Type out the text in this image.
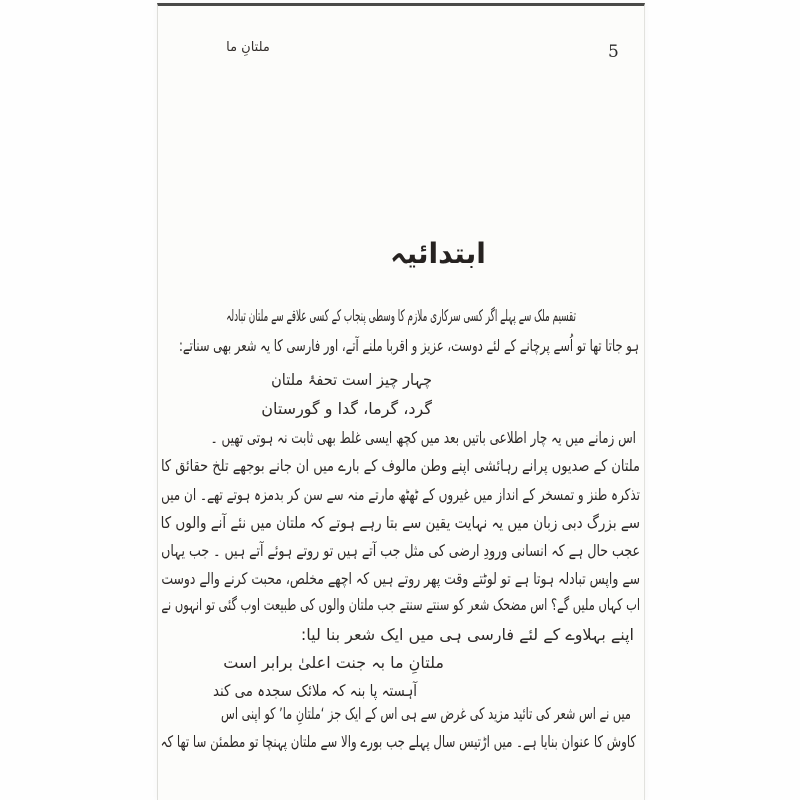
ملتانِ ما	5
ابتدائیہ
تقسیم ملک سے پہلے اگر کسی سرکاری ملازم کا وسطی پنجاب کے کسی علاقے سے ملتان تبادلہ
ہو جاتا تھا تو اُسے پرچانے کے لئے دوست، عزیز و اقربا ملنے آتے، اور فارسی کا یہ شعر بھی سناتے:
چہار چیز است تحفۂ ملتان
گرد، گرما، گدا و گورستان
اس زمانے میں یہ چار اطلاعی باتیں بعد میں کچھ ایسی غلط بھی ثابت نہ ہوتی تھیں ۔
ملتان کے صدیوں پرانے رہائشی اپنے وطن مالوف کے بارے میں ان جانے بوجھے تلخ حقائق کا
تذکرہ طنز و تمسخر کے انداز میں غیروں کے ٹھٹھ مارتے منہ سے سن کر بدمزہ ہوتے تھے۔ ان میں
سے بزرگ دبی زبان میں یہ نہایت یقین سے بتا رہے ہوتے کہ ملتان میں نئے آنے والوں کا
عجب حال ہے کہ انسانی ورودِ ارضی کی مثل جب آتے ہیں تو روتے ہوئے آتے ہیں ۔ جب یہاں
سے واپس تبادلہ ہوتا ہے تو لوٹتے وقت پھر روتے ہیں کہ اچھے مخلص، محبت کرنے والے دوست
اب کہاں ملیں گے؟ اس مضحک شعر کو سنتے سنتے جب ملتان والوں کی طبیعت اوب گئی تو انہوں نے
اپنے بہلاوے کے لئے فارسی ہی میں ایک شعر بنا لیا:
ملتانِ ما بہ جنت اعلیٰ برابر است
آہستہ پا بنہ کہ ملائک سجدہ می کند
میں نے اس شعر کی تائید مزید کی غرض سے ہی اس کے ایک جز ‘ملتانِ ما’ کو اپنی اس
کاوش کا عنوان بنایا ہے۔ میں اڑتیس سال پہلے جب بورے والا سے ملتان پہنچا تو مطمئن سا تھا کہ
